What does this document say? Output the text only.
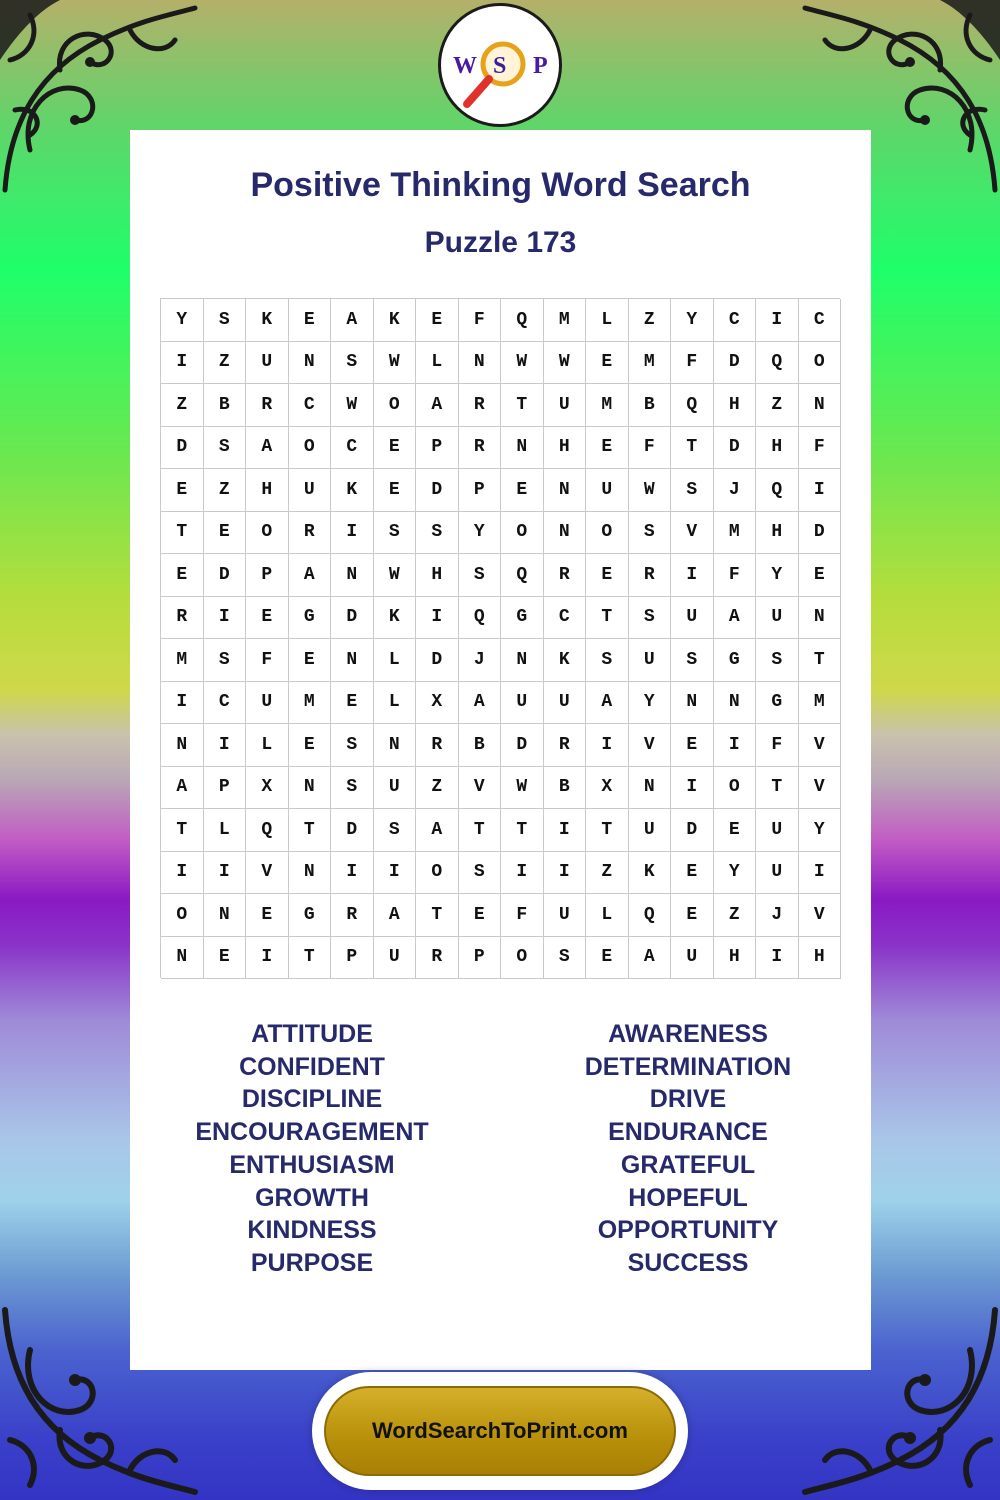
Positive Thinking Word Search
Puzzle 173
Y	S	K	E	A	K	E	F	Q	M	L	Z	Y	C	I	C
I	Z	U	N	S	W	L	N	W	W	E	M	F	D	Q	O
Z	B	R	C	W	O	A	R	T	U	M	B	Q	H	Z	N
D	S	A	O	C	E	P	R	N	H	E	F	T	D	H	F
E	Z	H	U	K	E	D	P	E	N	U	W	S	J	Q	I
T	E	O	R	I	S	S	Y	O	N	O	S	V	M	H	D
E	D	P	A	N	W	H	S	Q	R	E	R	I	F	Y	E
R	I	E	G	D	K	I	Q	G	C	T	S	U	A	U	N
M	S	F	E	N	L	D	J	N	K	S	U	S	G	S	T
I	C	U	M	E	L	X	A	U	U	A	Y	N	N	G	M
N	I	L	E	S	N	R	B	D	R	I	V	E	I	F	V
A	P	X	N	S	U	Z	V	W	B	X	N	I	O	T	V
T	L	Q	T	D	S	A	T	T	I	T	U	D	E	U	Y
I	I	V	N	I	I	O	S	I	I	Z	K	E	Y	U	I
O	N	E	G	R	A	T	E	F	U	L	Q	E	Z	J	V
N	E	I	T	P	U	R	P	O	S	E	A	U	H	I	H
ATTITUDE
CONFIDENT
DISCIPLINE
ENCOURAGEMENT
ENTHUSIASM
GROWTH
KINDNESS
PURPOSE
AWARENESS
DETERMINATION
DRIVE
ENDURANCE
GRATEFUL
HOPEFUL
OPPORTUNITY
SUCCESS
W S P
WordSearchToPrint.com
